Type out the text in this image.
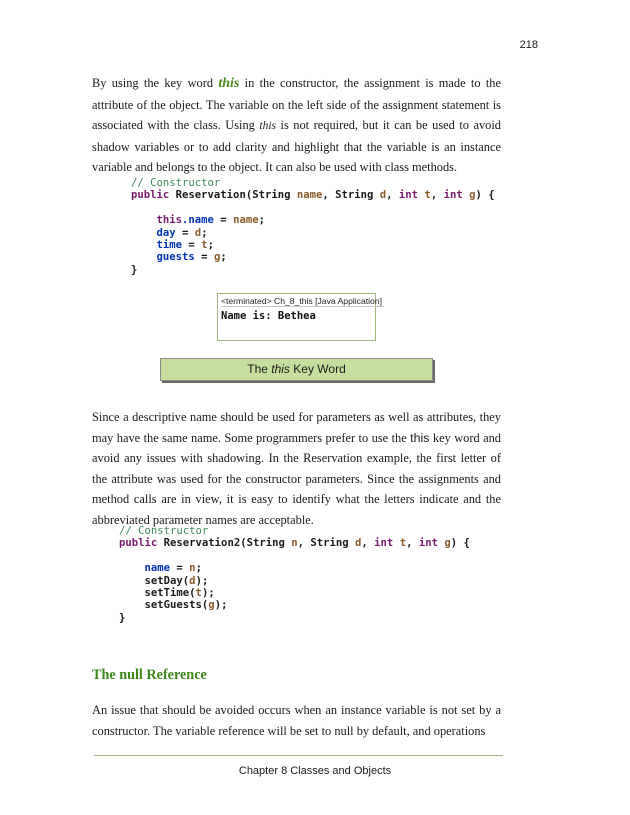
218

By using the key word this in the constructor, the assignment is made to the attribute of the object. The variable on the left side of the assignment statement is associated with the class. Using this is not required, but it can be used to avoid shadow variables or to add clarity and highlight that the variable is an instance variable and belongs to the object. It can also be used with class methods.

// Constructor
public Reservation(String name, String d, int t, int g) {

this.name = name;
day = d;
time = t;
guests = g;
}
<terminated> Ch_8_this [Java Application]
Name is: Bethea
The this Key Word

Since a descriptive name should be used for parameters as well as attributes, they may have the same name. Some programmers prefer to use the this key word and avoid any issues with shadowing. In the Reservation example, the first letter of the attribute was used for the constructor parameters. Since the assignments and method calls are in view, it is easy to identify what the letters indicate and the abbreviated parameter names are acceptable.

// Constructor
public Reservation2(String n, String d, int t, int g) {

name = n;
setDay(d);
setTime(t);
setGuests(g);
}
The null Reference

An issue that should be avoided occurs when an instance variable is not set by a constructor. The variable reference will be set to null by default, and operations

Chapter 8 Classes and Objects
